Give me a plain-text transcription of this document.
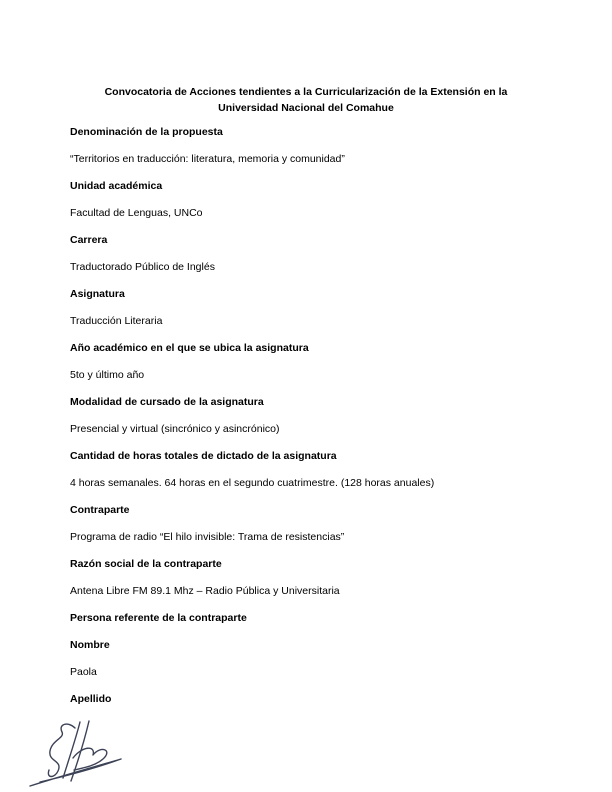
Convocatoria de Acciones tendientes a la Curricularización de la Extensión en la
Universidad Nacional del Comahue

Denominación de la propuesta

“Territorios en traducción: literatura, memoria y comunidad”

Unidad académica

Facultad de Lenguas, UNCo

Carrera

Traductorado Público de Inglés

Asignatura

Traducción Literaria

Año académico en el que se ubica la asignatura

5to y último año

Modalidad de cursado de la asignatura

Presencial y virtual (sincrónico y asincrónico)

Cantidad de horas totales de dictado de la asignatura

4 horas semanales. 64 horas en el segundo cuatrimestre. (128 horas anuales)

Contraparte

Programa de radio “El hilo invisible: Trama de resistencias”

Razón social de la contraparte

Antena Libre FM 89.1 Mhz – Radio Pública y Universitaria

Persona referente de la contraparte

Nombre

Paola

Apellido
